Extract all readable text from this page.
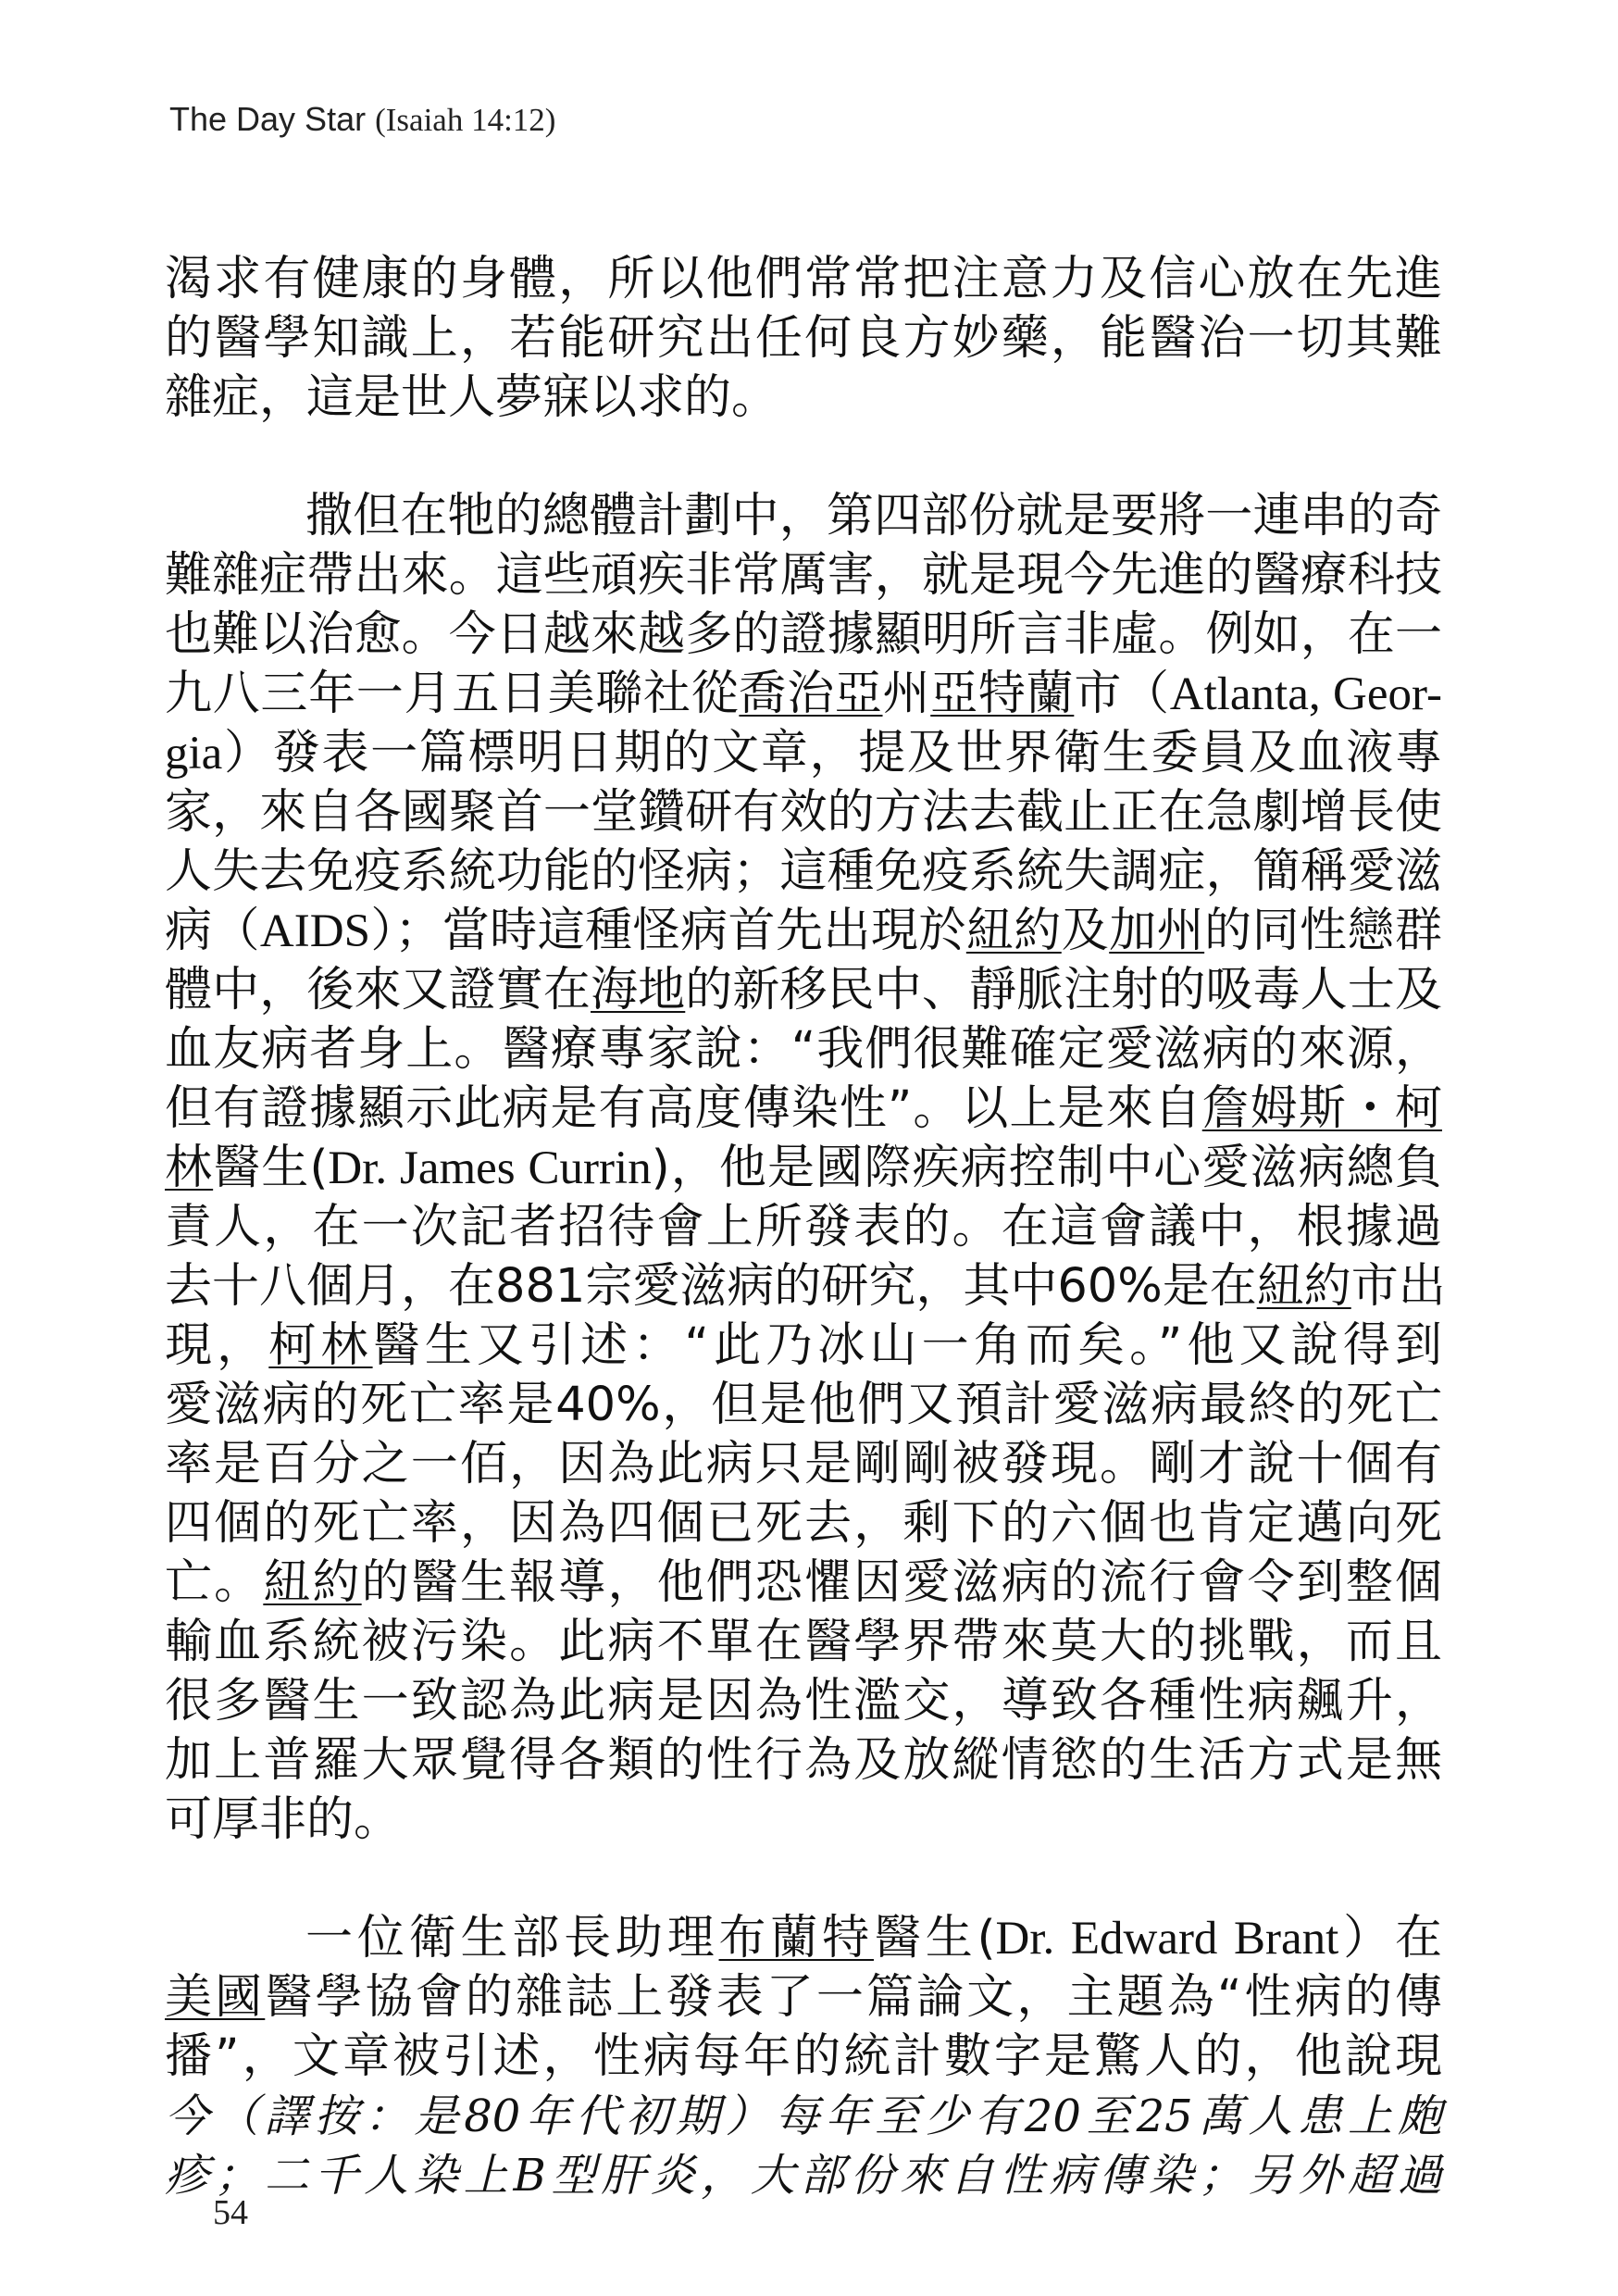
The Day Star (Isaiah 14:12)
渴求有健康的身體，所以他們常常把注意力及信心放在先進
的醫學知識上，若能研究出任何良方妙藥，能醫治一切其難
雜症，這是世人夢寐以求的。
撒但在牠的總體計劃中，第四部份就是要將一連串的奇
難雜症帶出來。這些頑疾非常厲害，就是現今先進的醫療科技
也難以治愈。今日越來越多的證據顯明所言非虛。例如，在一
九八三年一月五日美聯社從喬治亞州亞特蘭市（Atlanta, Geor-
gia）發表一篇標明日期的文章，提及世界衛生委員及血液專
家，來自各國聚首一堂鑽研有效的方法去截止正在急劇增長使
人失去免疫系統功能的怪病；這種免疫系統失調症，簡稱愛滋
病（AIDS）；當時這種怪病首先出現於紐約及加州的同性戀群
體中，後來又證實在海地的新移民中、靜脈注射的吸毒人士及
血友病者身上。醫療專家說：“我們很難確定愛滋病的來源，
但有證據顯示此病是有高度傳染性”。以上是來自詹姆斯・柯
林醫生(Dr. James Currin)，他是國際疾病控制中心愛滋病總負
責人，在一次記者招待會上所發表的。在這會議中，根據過
去十八個月，在881宗愛滋病的研究，其中60%是在紐約市出
現，柯林醫生又引述：“此乃冰山一角而矣。”他又說得到
愛滋病的死亡率是40%，但是他們又預計愛滋病最終的死亡
率是百分之一佰，因為此病只是剛剛被發現。剛才說十個有
四個的死亡率，因為四個已死去，剩下的六個也肯定邁向死
亡。紐約的醫生報導，他們恐懼因愛滋病的流行會令到整個
輸血系統被污染。此病不單在醫學界帶來莫大的挑戰，而且
很多醫生一致認為此病是因為性濫交，導致各種性病飆升，
加上普羅大眾覺得各類的性行為及放縱情慾的生活方式是無
可厚非的。
一位衛生部長助理布蘭特醫生(Dr. Edward Brant）在
美國醫學協會的雜誌上發表了一篇論文，主題為“性病的傳
播”，文章被引述，性病每年的統計數字是驚人的，他說現
今（譯按：是80年代初期）每年至少有20至25萬人患上皰
疹；二千人染上B型肝炎，大部份來自性病傳染；另外超過
54
